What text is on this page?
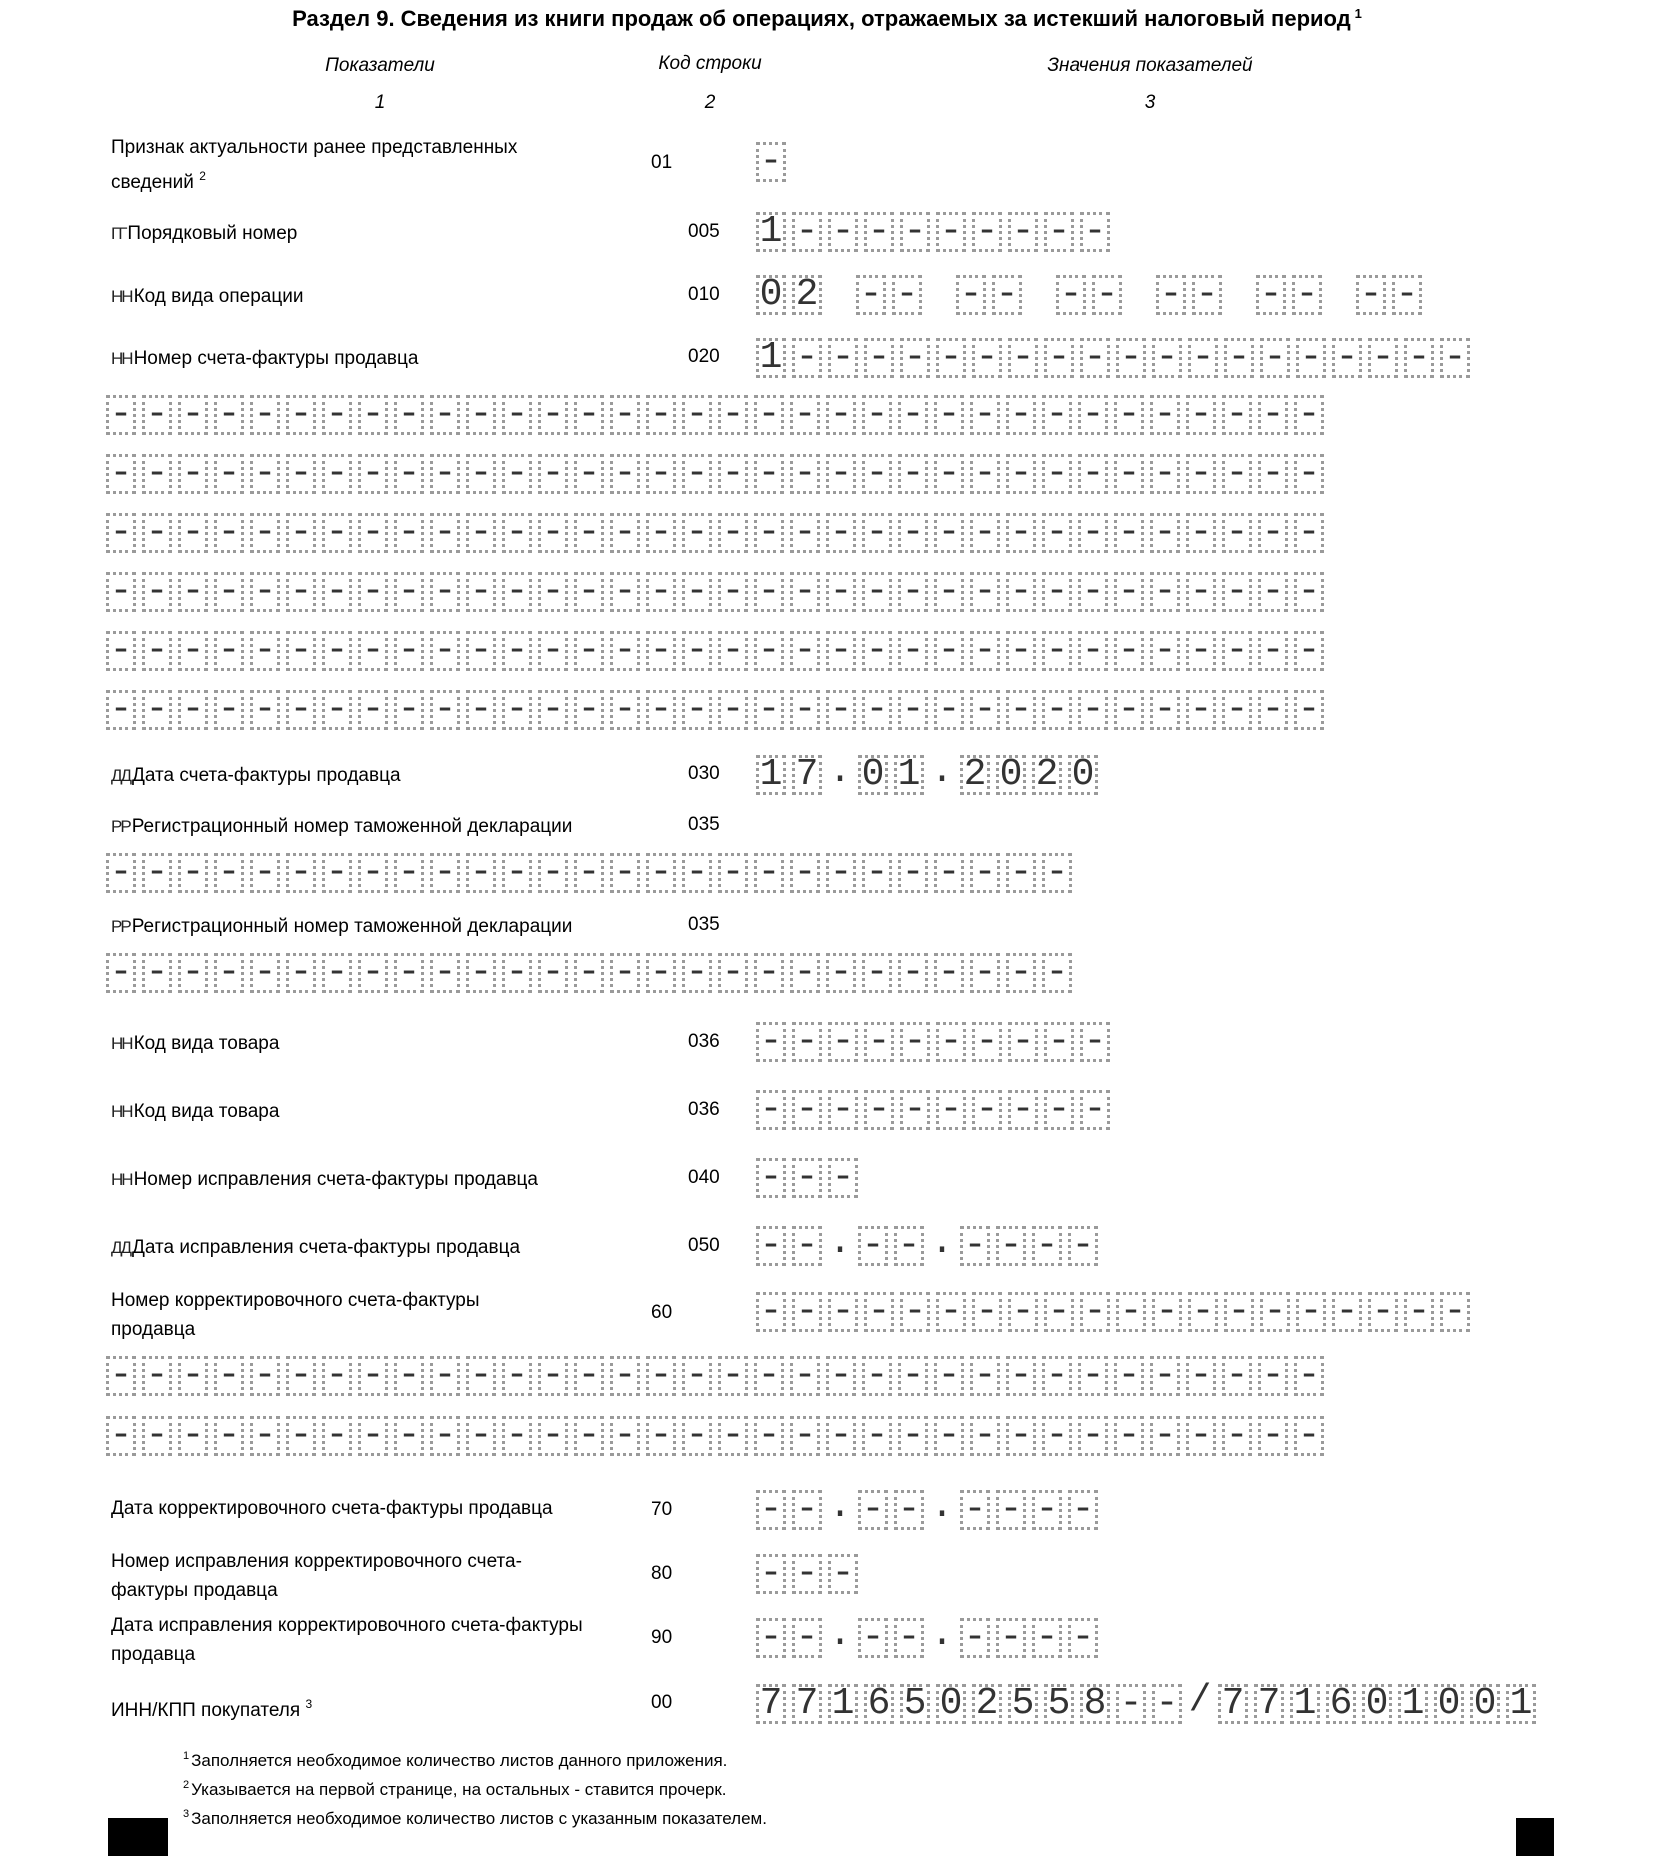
Раздел 9. Сведения из книги продаж об операциях, отражаемых за истекший налоговый период $^1$
Показатели	Код строки	Значения показателей
1	2	3
Признак актуальности ранее представленных
сведений $^2$
01 -
ГГ Порядковый номер	005 1 - - - - - - - - -
НН Код вида операции	010 0 2 - - - - - - - - - - - -
НН Номер счета-фактуры продавца	020 1 - - - - - - - - - - - - - - - - - - -
- - - - - - - - - - - - - - - - - - - - - - - - - - - - - - - - - -
- - - - - - - - - - - - - - - - - - - - - - - - - - - - - - - - - -
- - - - - - - - - - - - - - - - - - - - - - - - - - - - - - - - - -
- - - - - - - - - - - - - - - - - - - - - - - - - - - - - - - - - -
- - - - - - - - - - - - - - - - - - - - - - - - - - - - - - - - - -
- - - - - - - - - - - - - - - - - - - - - - - - - - - - - - - - - -
ДД Дата счета-фактуры продавца	030 1 7 . 0 1 . 2 0 2 0
РР Регистрационный номер таможенной декларации	035
- - - - - - - - - - - - - - - - - - - - - - - - - - -
РР Регистрационный номер таможенной декларации	035
- - - - - - - - - - - - - - - - - - - - - - - - - - -
НН Код вида товара	036 - - - - - - - - - -
НН Код вида товара	036 - - - - - - - - - -
НН Номер исправления счета-фактуры продавца	040 - - -
ДД Дата исправления счета-фактуры продавца	050 - - . - - . - - - -
Номер корректировочного счета-фактуры
продавца
60 - - - - - - - - - - - - - - - - - - - -
- - - - - - - - - - - - - - - - - - - - - - - - - - - - - - - - - -
- - - - - - - - - - - - - - - - - - - - - - - - - - - - - - - - - -
Дата корректировочного счета-фактуры продавца	70 - - . - - . - - - -
Номер исправления корректировочного счета-
фактуры продавца
80 - - -
Дата исправления корректировочного счета-фактуры
продавца
90 - - . - - . - - - -
ИНН/КПП покупателя $^3$	00 7 7 1 6 5 0 2 5 5 8 - - / 7 7 1 6 0 1 0 0 1
$^1$ Заполняется необходимое количество листов данного приложения.
$^2$ Указывается на первой странице, на остальных - ставится прочерк.
$^3$ Заполняется необходимое количество листов с указанным показателем.
